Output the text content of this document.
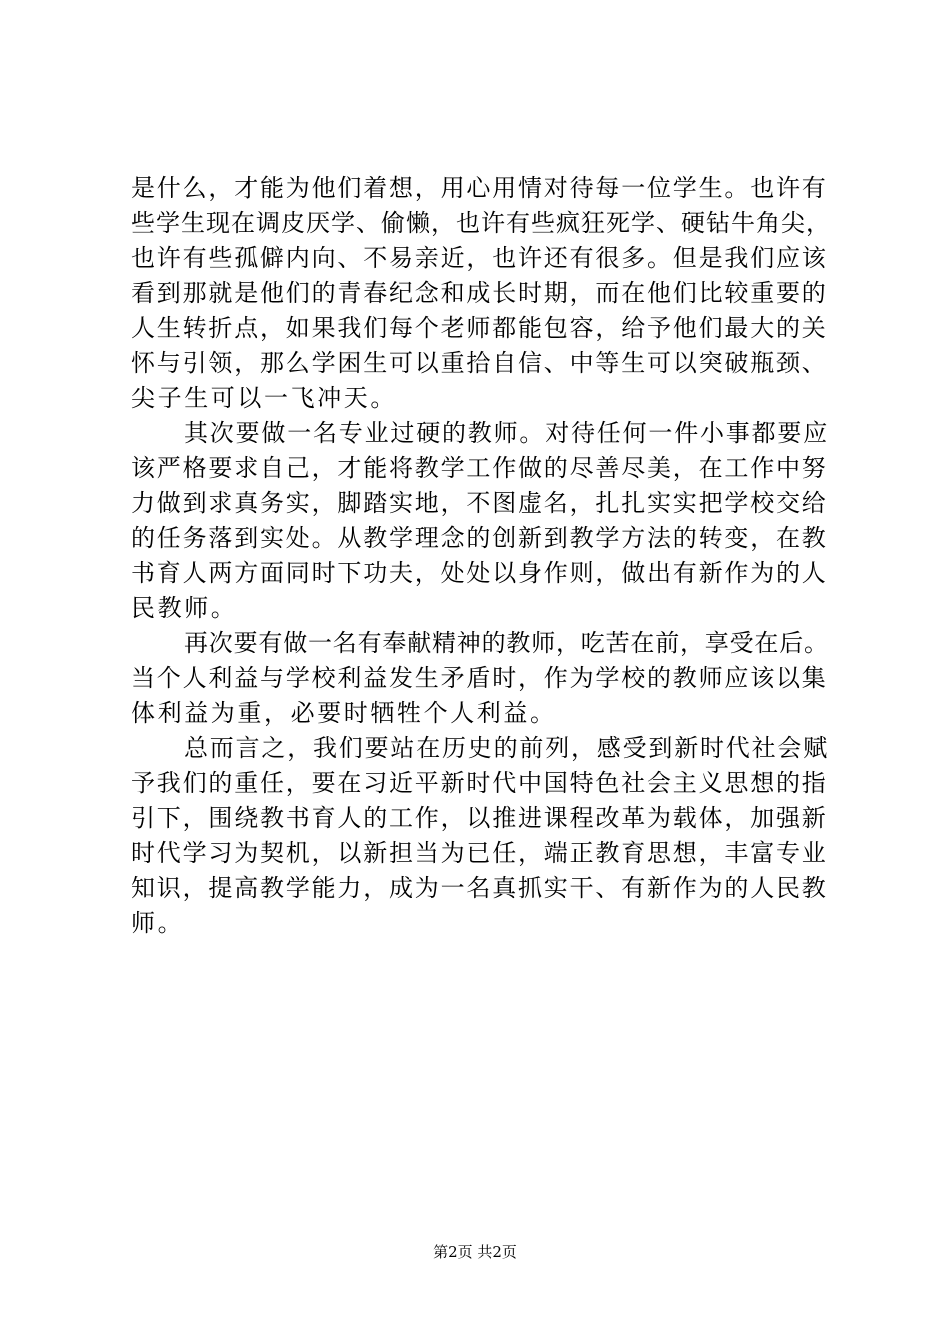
是什么，才能为他们着想，用心用情对待每一位学生。也许有
些学生现在调皮厌学、偷懒，也许有些疯狂死学、硬钻牛角尖，
也许有些孤僻内向、不易亲近，也许还有很多。但是我们应该
看到那就是他们的青春纪念和成长时期，而在他们比较重要的
人生转折点，如果我们每个老师都能包容，给予他们最大的关
怀与引领，那么学困生可以重拾自信、中等生可以突破瓶颈、
尖子生可以一飞冲天。
其次要做一名专业过硬的教师。对待任何一件小事都要应
该严格要求自己，才能将教学工作做的尽善尽美，在工作中努
力做到求真务实，脚踏实地，不图虚名，扎扎实实把学校交给
的任务落到实处。从教学理念的创新到教学方法的转变，在教
书育人两方面同时下功夫，处处以身作则，做出有新作为的人
民教师。
再次要有做一名有奉献精神的教师，吃苦在前，享受在后。
当个人利益与学校利益发生矛盾时，作为学校的教师应该以集
体利益为重，必要时牺牲个人利益。
总而言之，我们要站在历史的前列，感受到新时代社会赋
予我们的重任，要在习近平新时代中国特色社会主义思想的指
引下，围绕教书育人的工作，以推进课程改革为载体，加强新
时代学习为契机，以新担当为已任，端正教育思想，丰富专业
知识，提高教学能力，成为一名真抓实干、有新作为的人民教
师。
第2页 共2页
